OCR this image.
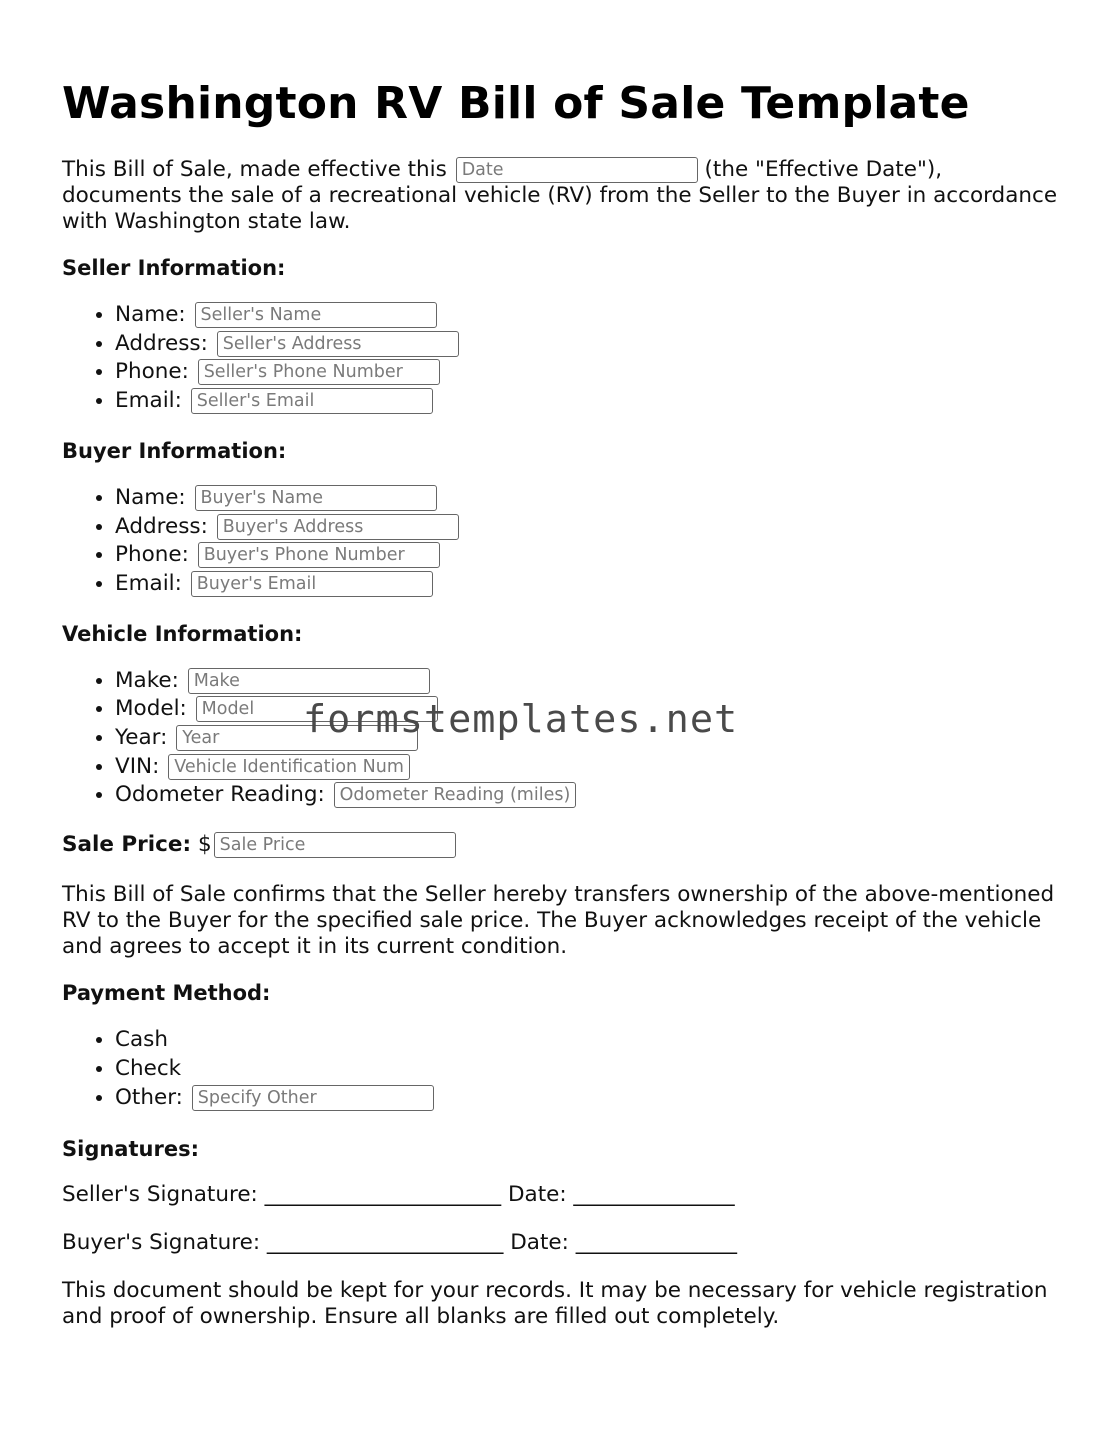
Washington RV Bill of Sale Template

This Bill of Sale, made effective this Date	(the "Effective Date"), documents the sale of a recreational vehicle (RV) from the Seller to the Buyer in accordance with Washington state law.

Seller Information:
• Name: Seller's Name
• Address: Seller's Address
• Phone: Seller's Phone Number
• Email: Seller's Email
Buyer Information:
• Name: Buyer's Name
• Address: Buyer's Address
• Phone: Buyer's Phone Number
• Email: Buyer's Email
Vehicle Information:
• Make: Make
• Model: Model
• Year: Year
• VIN: Vehicle Identification Num
• Odometer Reading: Odometer Reading (miles)

Sale Price: $Sale Price

This Bill of Sale confirms that the Seller hereby transfers ownership of the above-mentioned RV to the Buyer for the specified sale price. The Buyer acknowledges receipt of the vehicle and agrees to accept it in its current condition.

Payment Method:
• Cash
• Check
• Other: Specify Other
Signatures:

Seller's Signature: ______________________ Date: _______________

Buyer's Signature: ______________________ Date: _______________

This document should be kept for your records. It may be necessary for vehicle registration and proof of ownership. Ensure all blanks are filled out completely.

formstemplates.net
